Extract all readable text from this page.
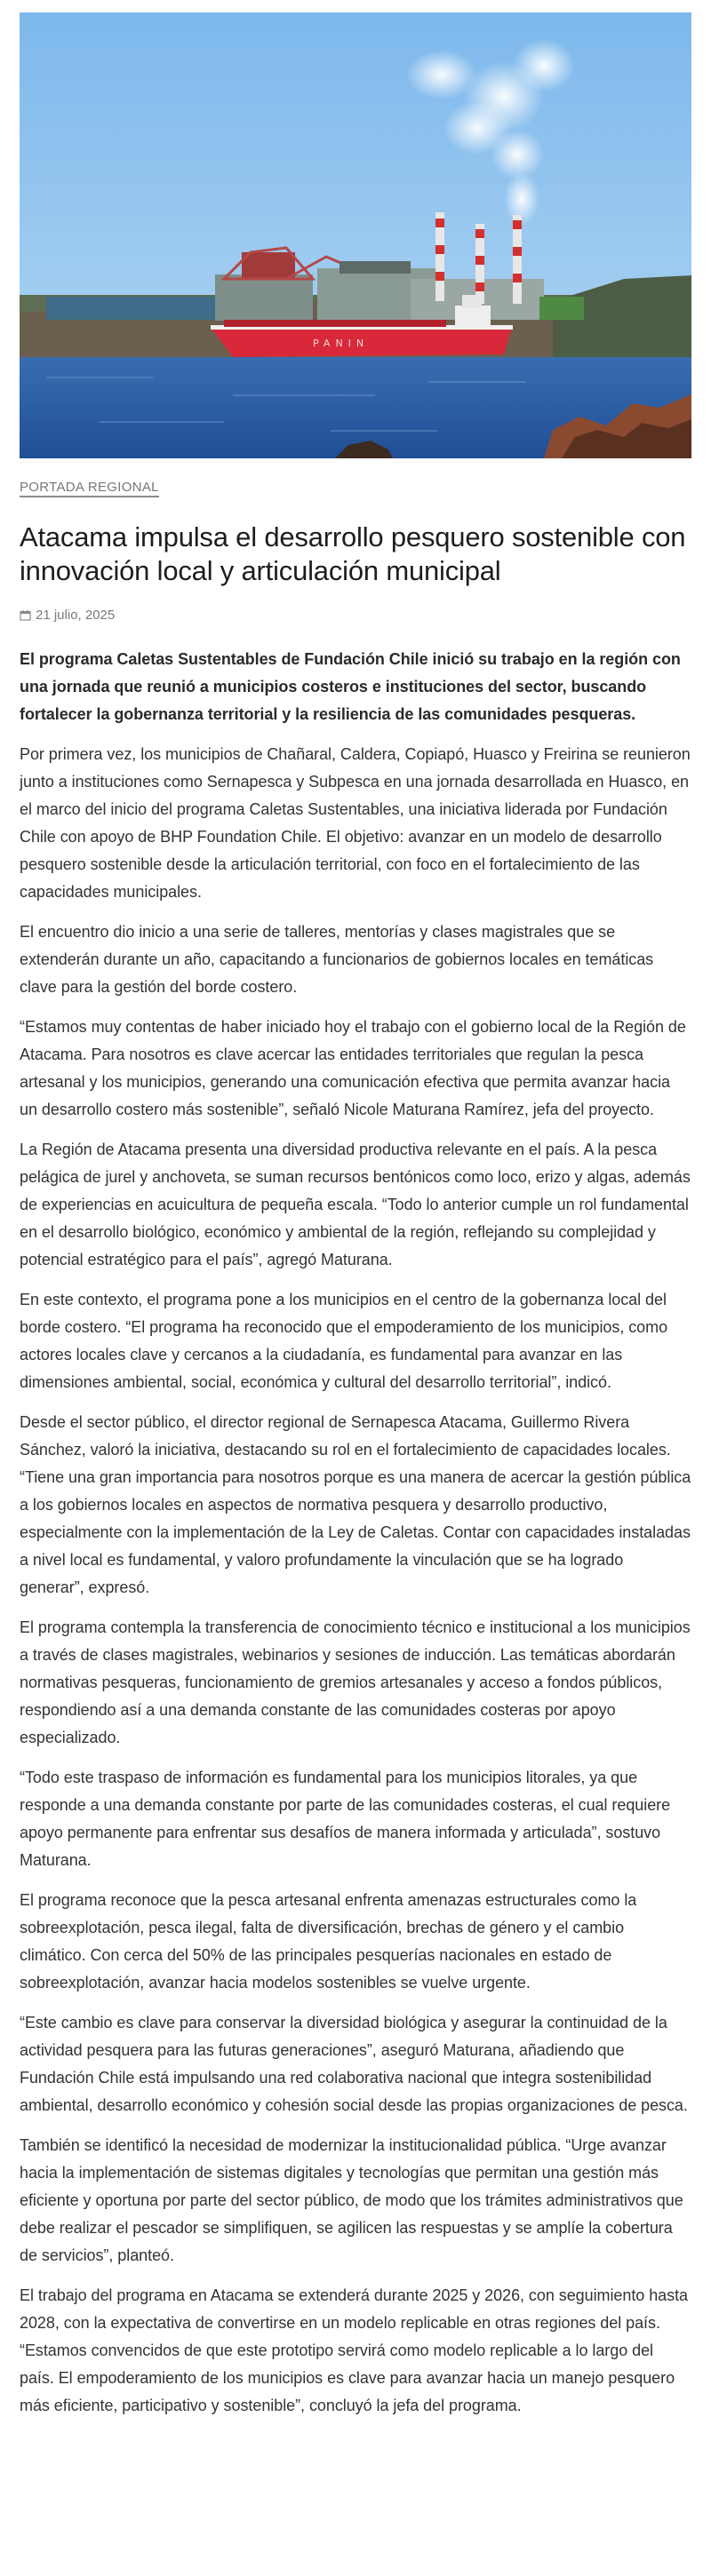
PANIN
PORTADA REGIONAL
Atacama impulsa el desarrollo pesquero sostenible con innovación local y articulación municipal
21 julio, 2025

El programa Caletas Sustentables de Fundación Chile inició su trabajo en la región con una jornada que reunió a municipios costeros e instituciones del sector, buscando fortalecer la gobernanza territorial y la resiliencia de las comunidades pesqueras.

Por primera vez, los municipios de Chañaral, Caldera, Copiapó, Huasco y Freirina se reunieron junto a instituciones como Sernapesca y Subpesca en una jornada desarrollada en Huasco, en el marco del inicio del programa Caletas Sustentables, una iniciativa liderada por Fundación Chile con apoyo de BHP Foundation Chile. El objetivo: avanzar en un modelo de desarrollo pesquero sostenible desde la articulación territorial, con foco en el fortalecimiento de las capacidades municipales.

El encuentro dio inicio a una serie de talleres, mentorías y clases magistrales que se extenderán durante un año, capacitando a funcionarios de gobiernos locales en temáticas clave para la gestión del borde costero.

“Estamos muy contentas de haber iniciado hoy el trabajo con el gobierno local de la Región de Atacama. Para nosotros es clave acercar las entidades territoriales que regulan la pesca artesanal y los municipios, generando una comunicación efectiva que permita avanzar hacia un desarrollo costero más sostenible”, señaló Nicole Maturana Ramírez, jefa del proyecto.

La Región de Atacama presenta una diversidad productiva relevante en el país. A la pesca pelágica de jurel y anchoveta, se suman recursos bentónicos como loco, erizo y algas, además de experiencias en acuicultura de pequeña escala. “Todo lo anterior cumple un rol fundamental en el desarrollo biológico, económico y ambiental de la región, reflejando su complejidad y potencial estratégico para el país”, agregó Maturana.

En este contexto, el programa pone a los municipios en el centro de la gobernanza local del borde costero. “El programa ha reconocido que el empoderamiento de los municipios, como actores locales clave y cercanos a la ciudadanía, es fundamental para avanzar en las dimensiones ambiental, social, económica y cultural del desarrollo territorial”, indicó.

Desde el sector público, el director regional de Sernapesca Atacama, Guillermo Rivera Sánchez, valoró la iniciativa, destacando su rol en el fortalecimiento de capacidades locales. “Tiene una gran importancia para nosotros porque es una manera de acercar la gestión pública a los gobiernos locales en aspectos de normativa pesquera y desarrollo productivo, especialmente con la implementación de la Ley de Caletas. Contar con capacidades instaladas a nivel local es fundamental, y valoro profundamente la vinculación que se ha logrado generar”, expresó.

El programa contempla la transferencia de conocimiento técnico e institucional a los municipios a través de clases magistrales, webinarios y sesiones de inducción. Las temáticas abordarán normativas pesqueras, funcionamiento de gremios artesanales y acceso a fondos públicos, respondiendo así a una demanda constante de las comunidades costeras por apoyo especializado.

“Todo este traspaso de información es fundamental para los municipios litorales, ya que responde a una demanda constante por parte de las comunidades costeras, el cual requiere apoyo permanente para enfrentar sus desafíos de manera informada y articulada”, sostuvo Maturana.

El programa reconoce que la pesca artesanal enfrenta amenazas estructurales como la sobreexplotación, pesca ilegal, falta de diversificación, brechas de género y el cambio climático. Con cerca del 50% de las principales pesquerías nacionales en estado de sobreexplotación, avanzar hacia modelos sostenibles se vuelve urgente.

“Este cambio es clave para conservar la diversidad biológica y asegurar la continuidad de la actividad pesquera para las futuras generaciones”, aseguró Maturana, añadiendo que Fundación Chile está impulsando una red colaborativa nacional que integra sostenibilidad ambiental, desarrollo económico y cohesión social desde las propias organizaciones de pesca.

También se identificó la necesidad de modernizar la institucionalidad pública. “Urge avanzar hacia la implementación de sistemas digitales y tecnologías que permitan una gestión más eficiente y oportuna por parte del sector público, de modo que los trámites administrativos que debe realizar el pescador se simplifiquen, se agilicen las respuestas y se amplíe la cobertura de servicios”, planteó.

El trabajo del programa en Atacama se extenderá durante 2025 y 2026, con seguimiento hasta 2028, con la expectativa de convertirse en un modelo replicable en otras regiones del país. “Estamos convencidos de que este prototipo servirá como modelo replicable a lo largo del país. El empoderamiento de los municipios es clave para avanzar hacia un manejo pesquero más eficiente, participativo y sostenible”, concluyó la jefa del programa.
